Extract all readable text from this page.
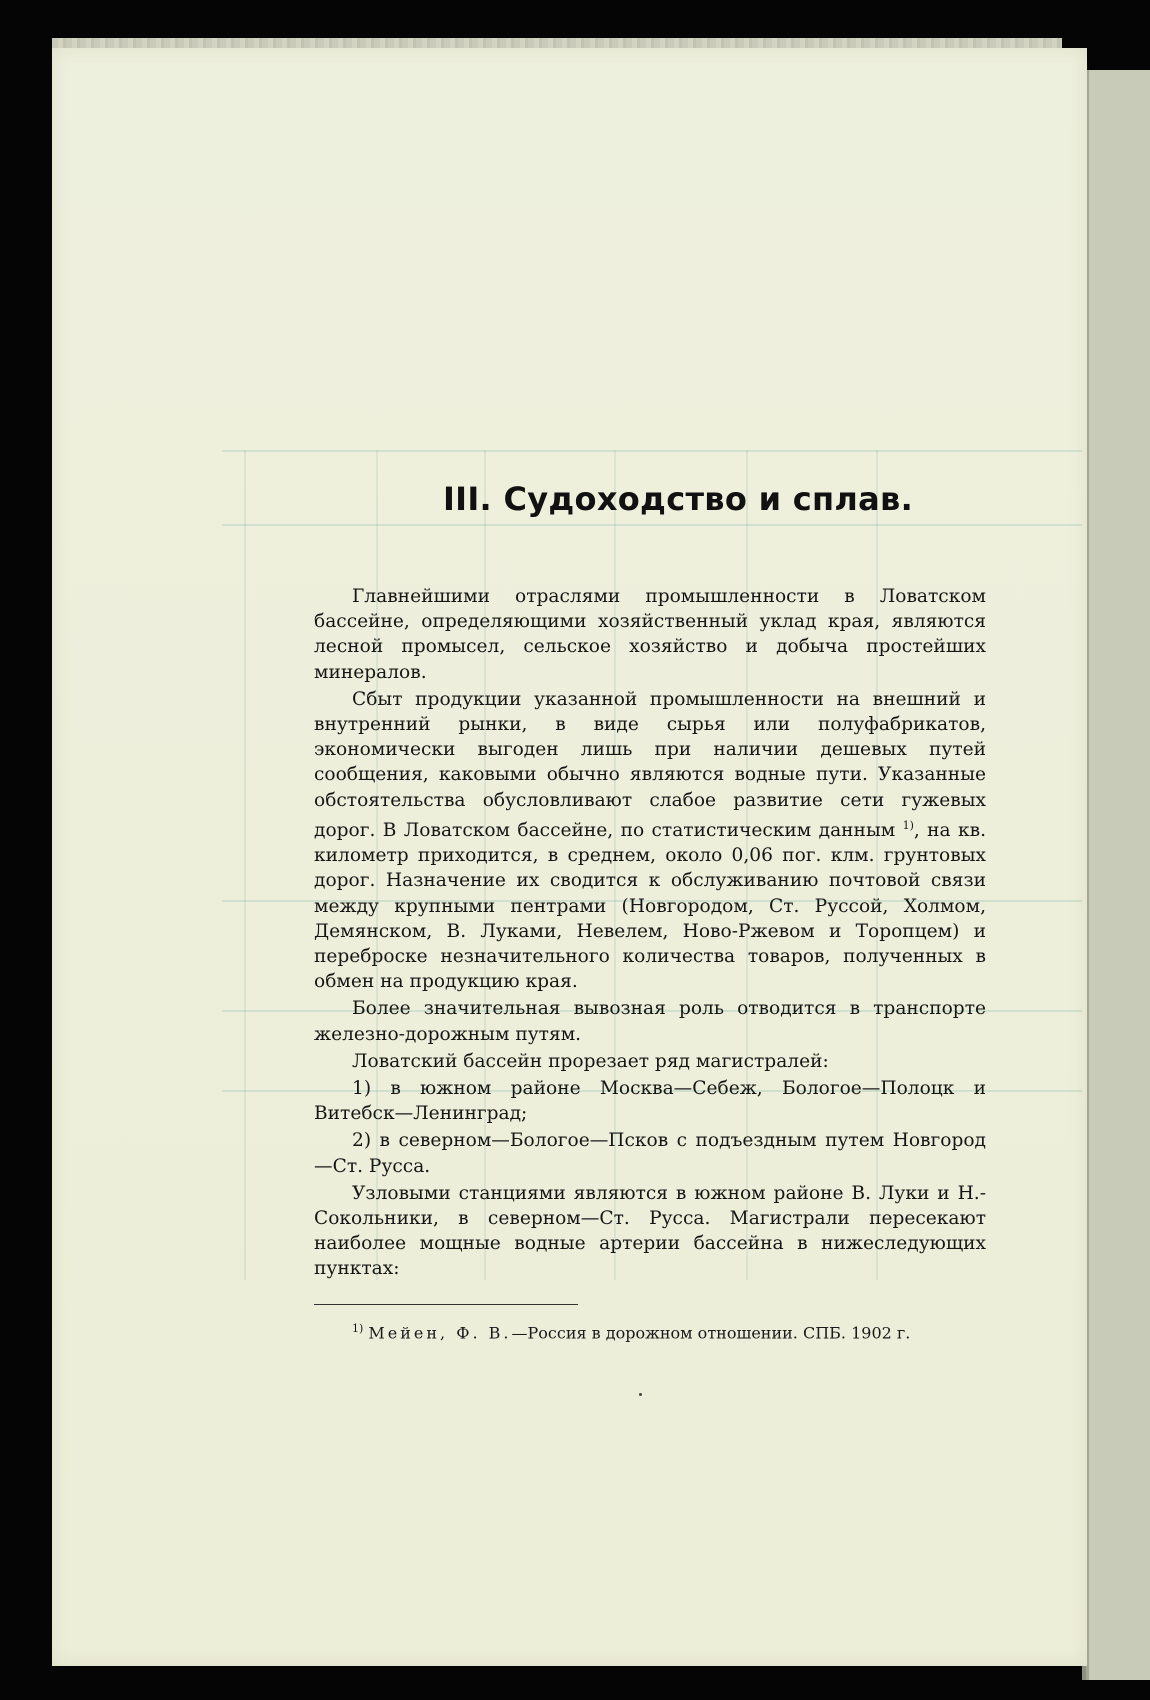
III. Судоходство и сплав.

Главнейшими отраслями промышленности в Ловатском бассейне, определяющими хозяйственный уклад края, являются лесной промысел, сельское хозяйство и добыча простейших минералов.

Сбыт продукции указанной промышленности на внешний и внутренний рынки, в виде сырья или полуфабрикатов, экономически выгоден лишь при наличии дешевых путей сообщения, каковыми обычно являются водные пути. Указанные обстоятельства обусловливают слабое развитие сети гужевых дорог. В Ловатском бассейне, по статистическим данным $^{1)}$, на кв. километр приходится, в среднем, около 0,06 пог. клм. грунтовых дорог. Назначение их сводится к обслуживанию почтовой связи между крупными пентрами (Новгородом, Ст. Руссой, Холмом, Демянском, В. Луками, Невелем, Ново-Ржевом и Торопцем) и переброске незначительного количества товаров, полученных в обмен на продукцию края.

Более значительная вывозная роль отводится в транспорте железно-дорожным путям.

Ловатский бассейн прорезает ряд магистралей:

1) в южном районе Москва—Себеж, Бологое—Полоцк и Витебск—Ленинград;

2) в северном—Бологое—Псков с подъездным путем Новгород—Ст. Русса.

Узловыми станциями являются в южном районе В. Луки и Н.-Сокольники, в северном—Ст. Русса. Магистрали пересекают наиболее мощные водные артерии бассейна в нижеследующих пунктах:

$^{1)}$ Мейен, Ф. В.—Россия в дорожном отношении. СПБ. 1902 г.
